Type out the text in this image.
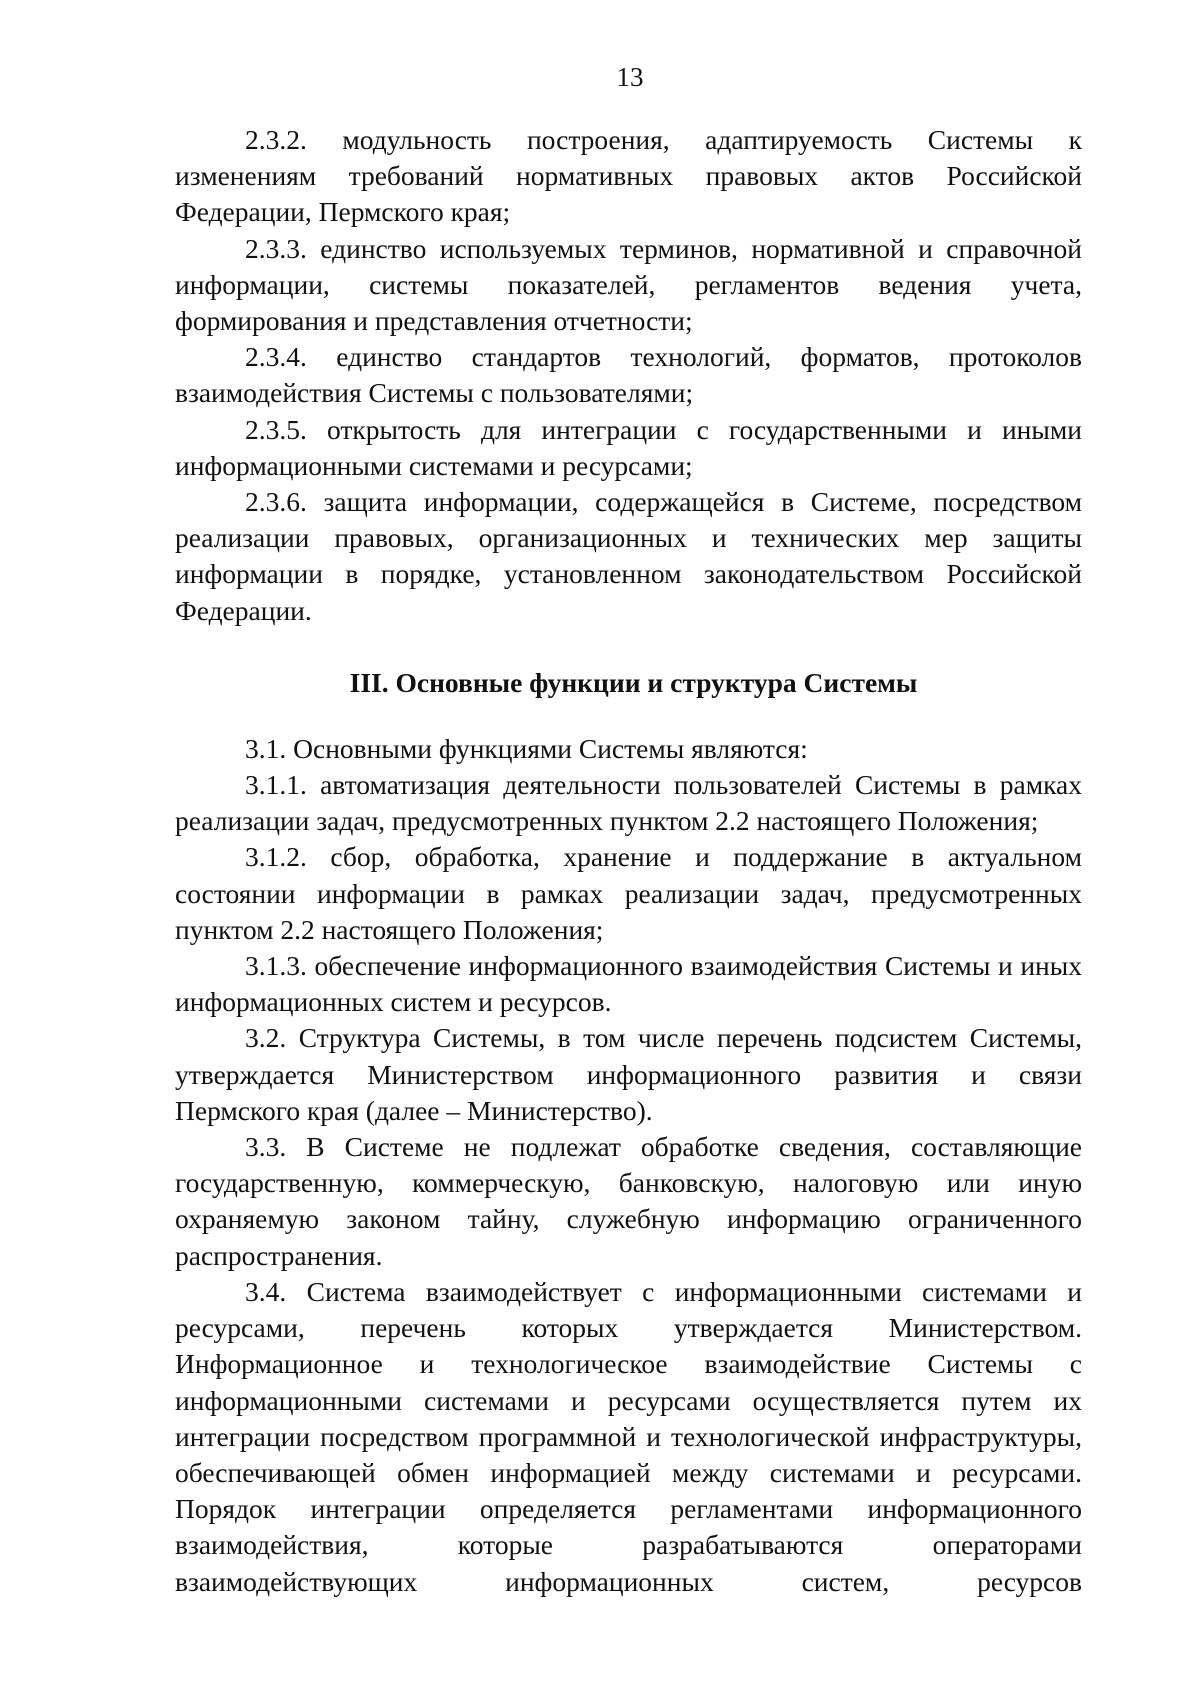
13

2.3.2. модульность построения, адаптируемость Системы к изменениям требований нормативных правовых актов Российской Федерации, Пермского края;

2.3.3. единство используемых терминов, нормативной и справочной информации, системы показателей, регламентов ведения учета, формирования и представления отчетности;

2.3.4. единство стандартов технологий, форматов, протоколов взаимодействия Системы с пользователями;

2.3.5. открытость для интеграции с государственными и иными информационными системами и ресурсами;

2.3.6. защита информации, содержащейся в Системе, посредством реализации правовых, организационных и технических мер защиты информации в порядке, установленном законодательством Российской Федерации.

III. Основные функции и структура Системы

3.1. Основными функциями Системы являются:

3.1.1. автоматизация деятельности пользователей Системы в рамках реализации задач, предусмотренных пунктом 2.2 настоящего Положения;

3.1.2. сбор, обработка, хранение и поддержание в актуальном состоянии информации в рамках реализации задач, предусмотренных пунктом 2.2 настоящего Положения;

3.1.3. обеспечение информационного взаимодействия Системы и иных информационных систем и ресурсов.

3.2. Структура Системы, в том числе перечень подсистем Системы, утверждается Министерством информационного развития и связи Пермского края (далее – Министерство).

3.3. В Системе не подлежат обработке сведения, составляющие государственную, коммерческую, банковскую, налоговую или иную охраняемую законом тайну, служебную информацию ограниченного распространения.

3.4. Система взаимодействует с информационными системами и ресурсами, перечень которых утверждается Министерством. Информационное и технологическое взаимодействие Системы с информационными системами и ресурсами осуществляется путем их интеграции посредством программной и технологической инфраструктуры, обеспечивающей обмен информацией между системами и ресурсами. Порядок интеграции определяется регламентами информационного взаимодействия, которые разрабатываются операторами взаимодействующих информационных систем, ресурсов
